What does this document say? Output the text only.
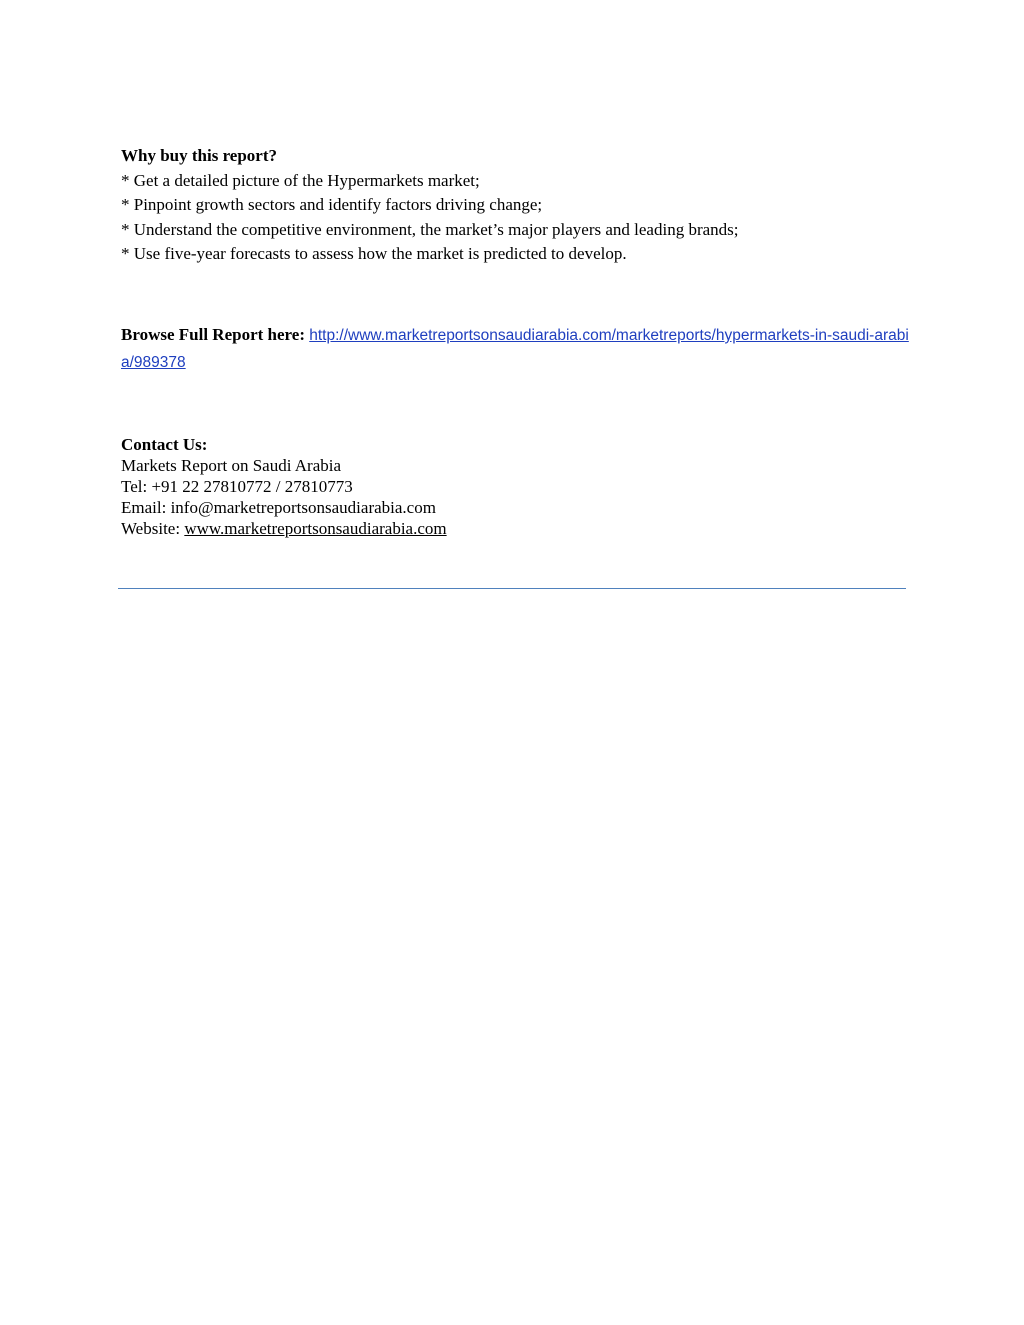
Why buy this report?
* Get a detailed picture of the Hypermarkets market;
* Pinpoint growth sectors and identify factors driving change;
* Understand the competitive environment, the market’s major players and leading brands;
* Use five-year forecasts to assess how the market is predicted to develop.
Browse Full Report here: http://www.marketreportsonsaudiarabia.com/marketreports/hypermarkets-in-saudi-arabia/989378
Contact Us:
Markets Report on Saudi Arabia
Tel: +91 22 27810772 / 27810773
Email: info@marketreportsonsaudiarabia.com
Website: www.marketreportsonsaudiarabia.com
